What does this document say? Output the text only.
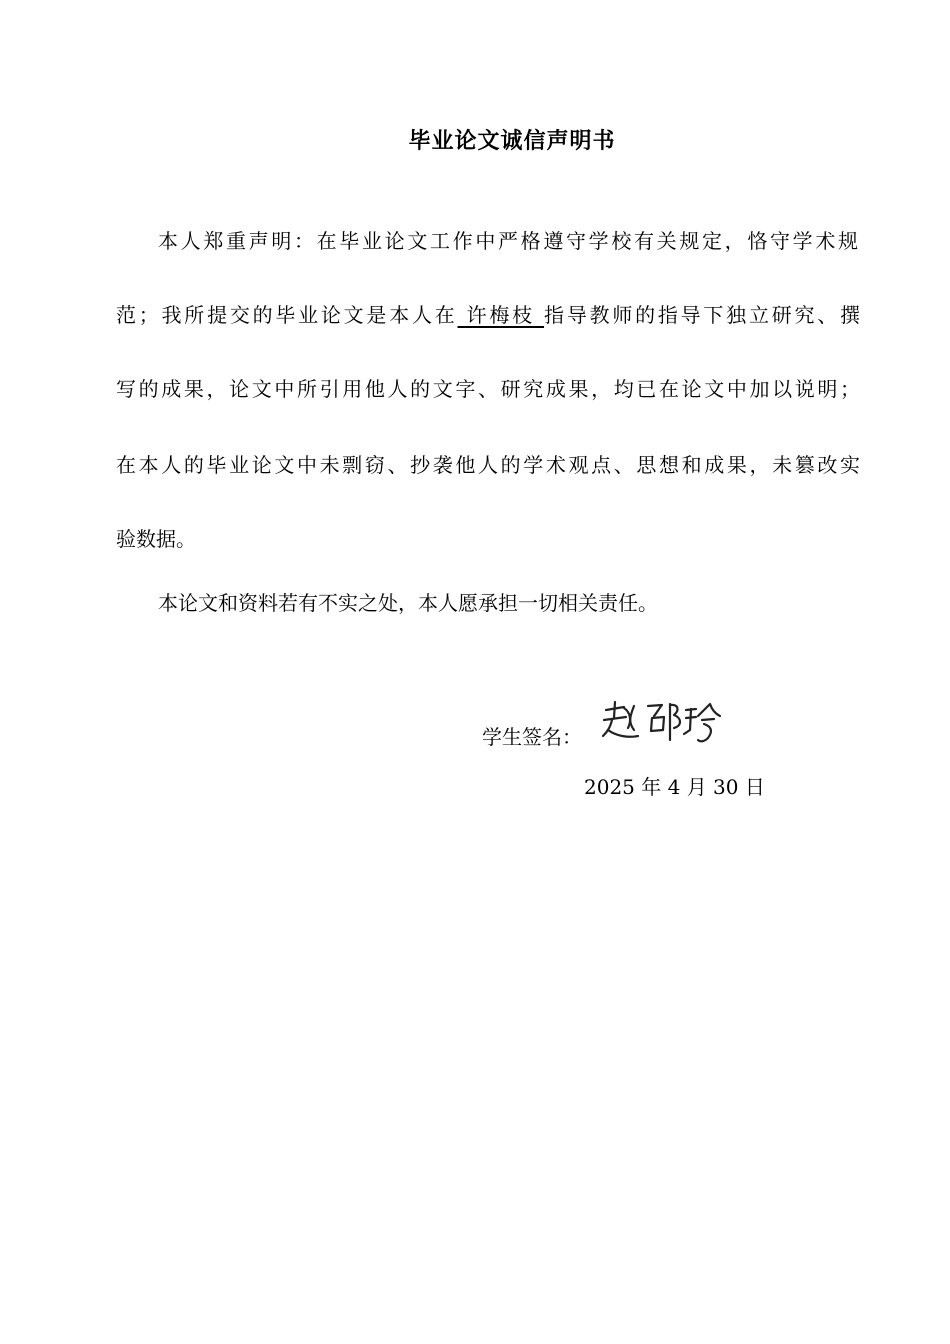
毕业论文诚信声明书
本人郑重声明：在毕业论文工作中严格遵守学校有关规定，恪守学术规
范；我所提交的毕业论文是本人在 许梅枝 指导教师的指导下独立研究、撰
写的成果，论文中所引用他人的文字、研究成果，均已在论文中加以说明；
在本人的毕业论文中未剽窃、抄袭他人的学术观点、思想和成果，未篡改实
验数据。
本论文和资料若有不实之处，本人愿承担一切相关责任。
学生签名：
2025 年 4 月 30 日
